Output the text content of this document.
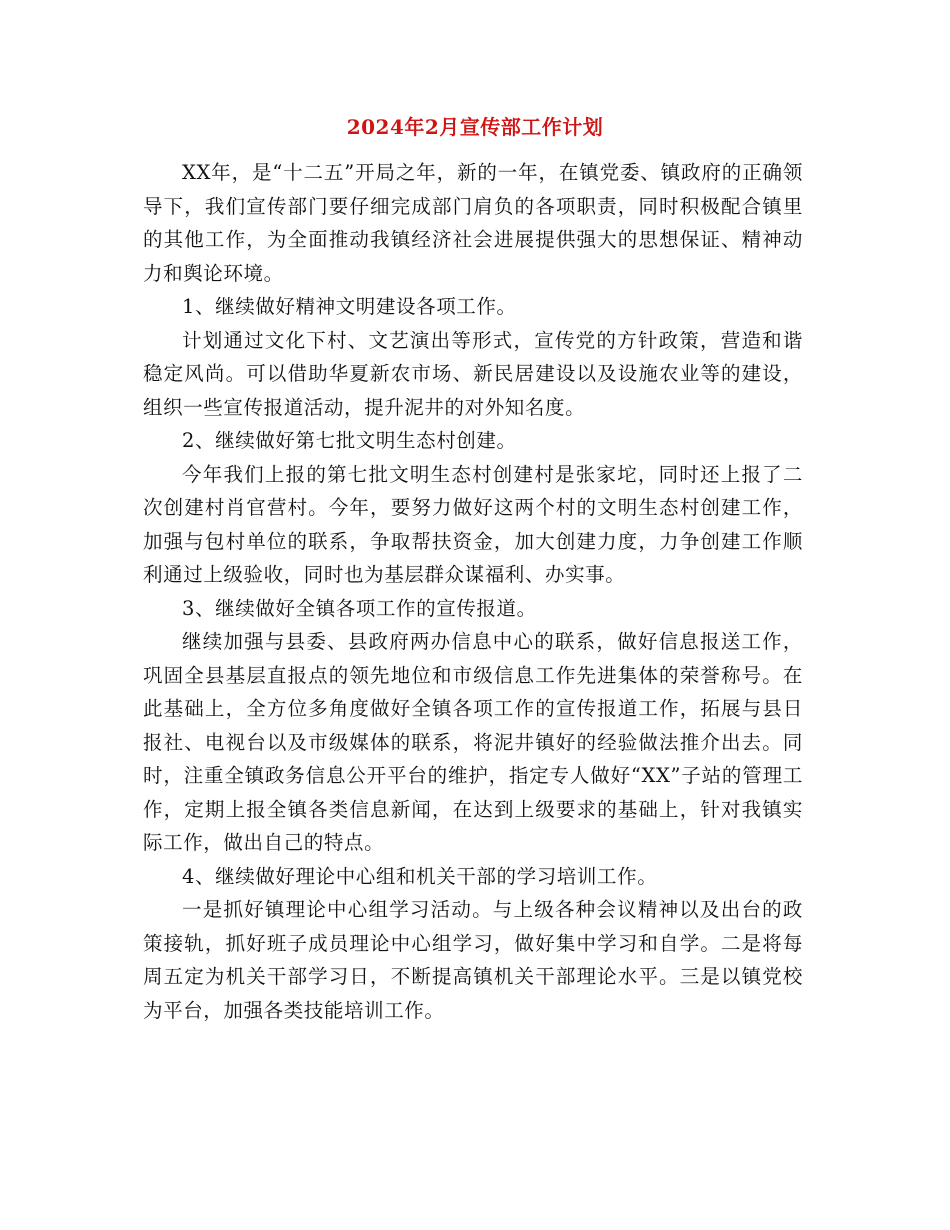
2024年2月宣传部工作计划

XX年，是“十二五”开局之年，新的一年，在镇党委、镇政府的正确领导下，我们宣传部门要仔细完成部门肩负的各项职责，同时积极配合镇里的其他工作，为全面推动我镇经济社会进展提供强大的思想保证、精神动力和舆论环境。

1、继续做好精神文明建设各项工作。

计划通过文化下村、文艺演出等形式，宣传党的方针政策，营造和谐稳定风尚。可以借助华夏新农市场、新民居建设以及设施农业等的建设，组织一些宣传报道活动，提升泥井的对外知名度。

2、继续做好第七批文明生态村创建。

今年我们上报的第七批文明生态村创建村是张家坨，同时还上报了二次创建村肖官营村。今年，要努力做好这两个村的文明生态村创建工作，加强与包村单位的联系，争取帮扶资金，加大创建力度，力争创建工作顺利通过上级验收，同时也为基层群众谋福利、办实事。

3、继续做好全镇各项工作的宣传报道。

继续加强与县委、县政府两办信息中心的联系，做好信息报送工作，巩固全县基层直报点的领先地位和市级信息工作先进集体的荣誉称号。在此基础上，全方位多角度做好全镇各项工作的宣传报道工作，拓展与县日报社、电视台以及市级媒体的联系，将泥井镇好的经验做法推介出去。同时，注重全镇政务信息公开平台的维护，指定专人做好“XX”子站的管理工作，定期上报全镇各类信息新闻，在达到上级要求的基础上，针对我镇实际工作，做出自己的特点。

4、继续做好理论中心组和机关干部的学习培训工作。

一是抓好镇理论中心组学习活动。与上级各种会议精神以及出台的政策接轨，抓好班子成员理论中心组学习，做好集中学习和自学。二是将每周五定为机关干部学习日，不断提高镇机关干部理论水平。三是以镇党校为平台，加强各类技能培训工作。
